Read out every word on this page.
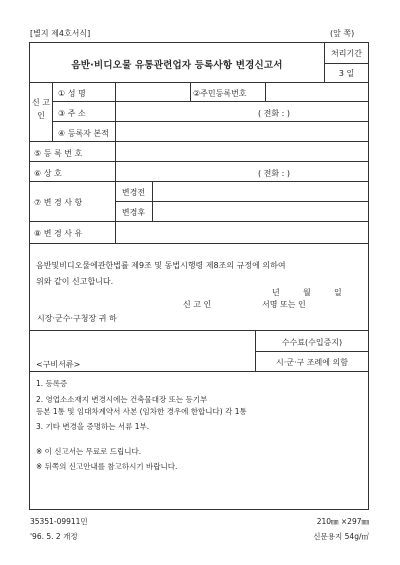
[별지 제4호서식]	(앞 쪽)
음반·비디오물 유통관련업자 등록사항 변경신고서
처리기간
3 일
신 고 인
① 성 명	②주민등록번호
③ 주 소	( 전화 : )
④ 등록자 본적
⑤ 등 록 번 호
⑥ 상 호	( 전화 : )
⑦ 변 경 사 항
변경전
변경후
⑧ 변 경 사 유
음반및비디오물에관한법률 제9조 및 동법시행령 제8조의 규정에 의하여
위와 같이 신고합니다.
년	월	일
신 고 인	서명 또는 인
시장·군수·구청장 귀 하
수수료(수입증지)
시·군·구 조례에 의함
<구비서류>
1. 등록증
2. 영업소소재지 변경시에는 건축물대장 또는 등기부
등본 1통 및 임대차계약서 사본 (임차한 경우에 한합니다) 각 1통
3. 기타 변경을 증명하는 서류 1부.
※ 이 신고서는 무료로 드립니다.
※ 뒤쪽의 신고안내를 참고하시기 바랍니다.
35351-09911민
'96. 5. 2 개정
210㎜ ×297㎜
신문용지 54g/㎡
